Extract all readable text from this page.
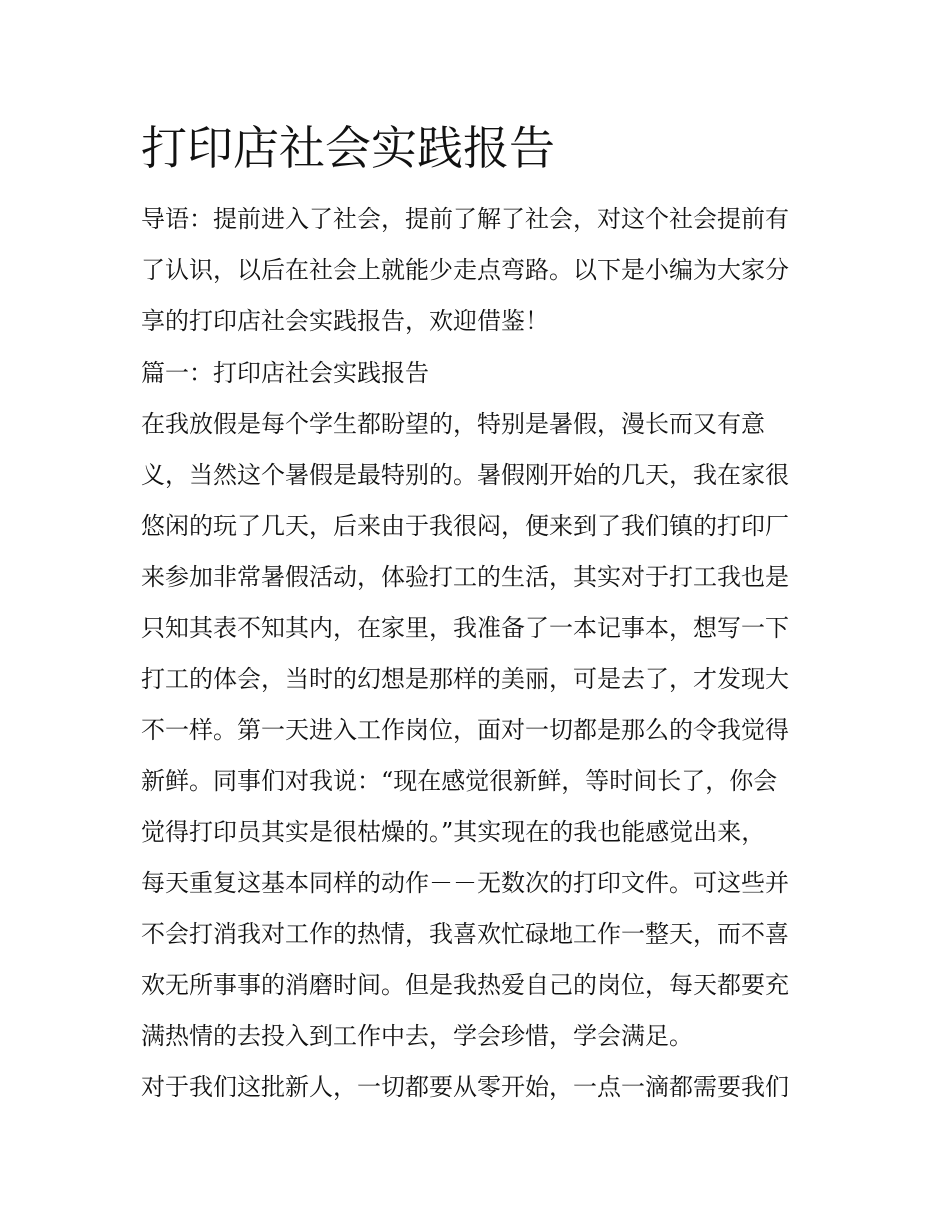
打印店社会实践报告
导语：提前进入了社会，提前了解了社会，对这个社会提前有
了认识，以后在社会上就能少走点弯路。以下是小编为大家分
享的打印店社会实践报告，欢迎借鉴！
篇一：打印店社会实践报告
在我放假是每个学生都盼望的，特别是暑假，漫长而又有意
义，当然这个暑假是最特别的。暑假刚开始的几天，我在家很
悠闲的玩了几天，后来由于我很闷，便来到了我们镇的打印厂
来参加非常暑假活动，体验打工的生活，其实对于打工我也是
只知其表不知其内，在家里，我准备了一本记事本，想写一下
打工的体会，当时的幻想是那样的美丽，可是去了，才发现大
不一样。第一天进入工作岗位，面对一切都是那么的令我觉得
新鲜。同事们对我说：“现在感觉很新鲜，等时间长了，你会
觉得打印员其实是很枯燥的。”其实现在的我也能感觉出来，
每天重复这基本同样的动作－－无数次的打印文件。可这些并
不会打消我对工作的热情，我喜欢忙碌地工作一整天，而不喜
欢无所事事的消磨时间。但是我热爱自己的岗位，每天都要充
满热情的去投入到工作中去，学会珍惜，学会满足。
对于我们这批新人，一切都要从零开始，一点一滴都需要我们
